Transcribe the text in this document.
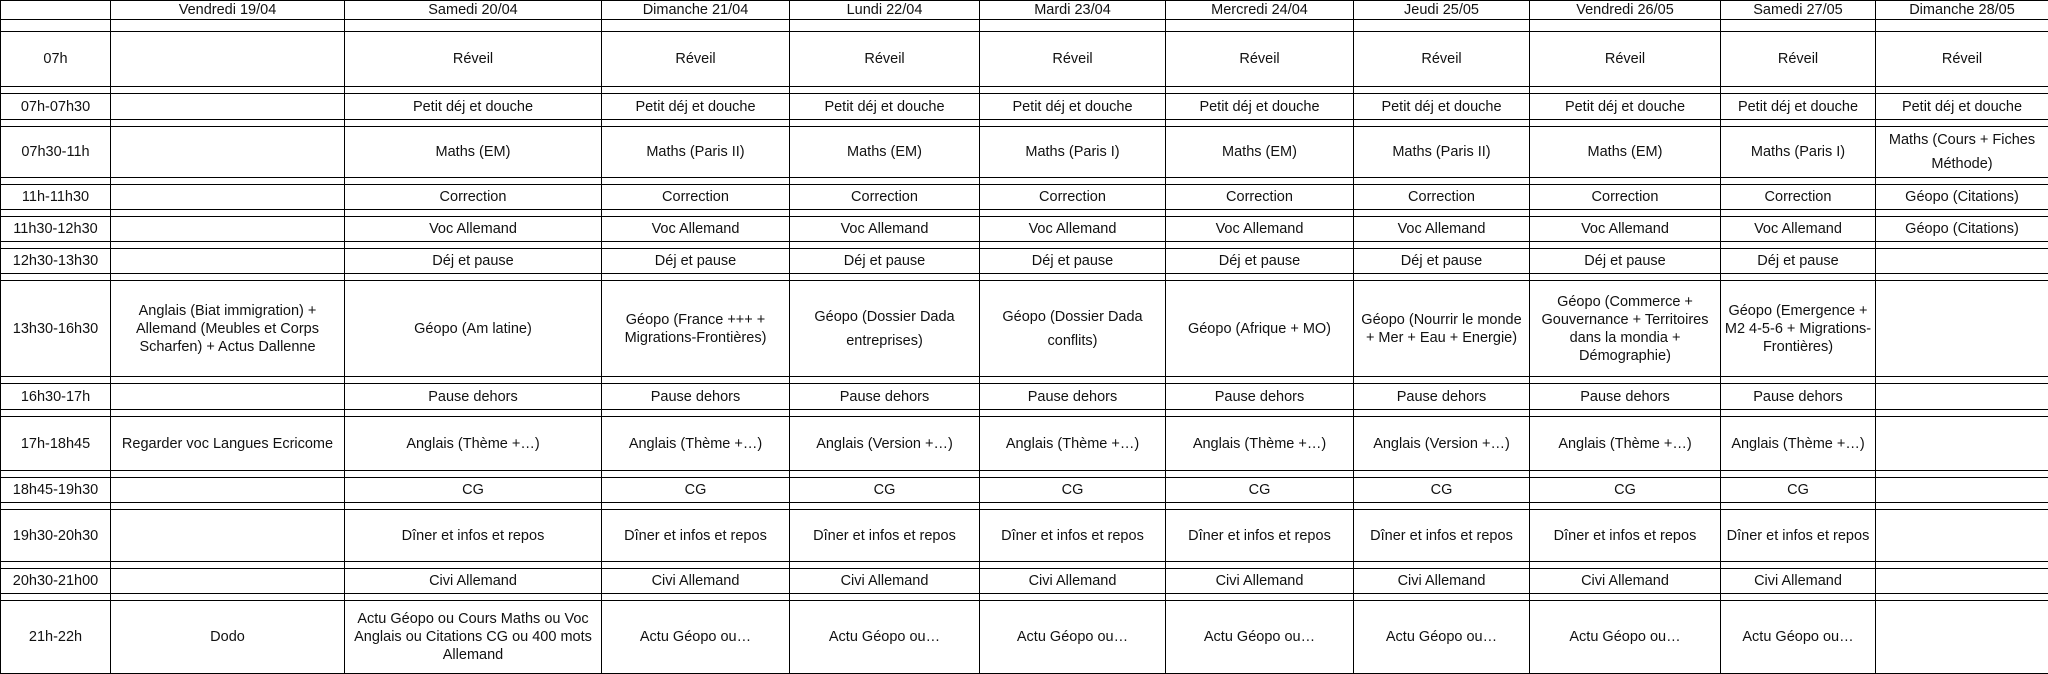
	Vendredi 19/04	Samedi 20/04	Dimanche 21/04	Lundi 22/04	Mardi 23/04	Mercredi 24/04	Jeudi 25/05	Vendredi 26/05	Samedi 27/05	Dimanche 28/05

07h		Réveil	Réveil	Réveil	Réveil	Réveil	Réveil	Réveil	Réveil	Réveil

07h-07h30		Petit déj et douche	Petit déj et douche	Petit déj et douche	Petit déj et douche	Petit déj et douche	Petit déj et douche	Petit déj et douche	Petit déj et douche	Petit déj et douche

07h30-11h		Maths (EM)	Maths (Paris II)	Maths (EM)	Maths (Paris I)	Maths (EM)	Maths (Paris II)	Maths (EM)	Maths (Paris I)	Maths (Cours + Fiches Méthode)

11h-11h30		Correction	Correction	Correction	Correction	Correction	Correction	Correction	Correction	Géopo (Citations)

11h30-12h30		Voc Allemand	Voc Allemand	Voc Allemand	Voc Allemand	Voc Allemand	Voc Allemand	Voc Allemand	Voc Allemand	Géopo (Citations)

12h30-13h30		Déj et pause	Déj et pause	Déj et pause	Déj et pause	Déj et pause	Déj et pause	Déj et pause	Déj et pause	

13h30-16h30	Anglais (Biat immigration) + Allemand (Meubles et Corps Scharfen) + Actus Dallenne	Géopo (Am latine)	Géopo (France +++ + Migrations-Frontières)	Géopo (Dossier Dada entreprises)	Géopo (Dossier Dada conflits)	Géopo (Afrique + MO)	Géopo (Nourrir le monde + Mer + Eau + Energie)	Géopo (Commerce + Gouvernance + Territoires dans la mondia + Démographie)	Géopo (Emergence + M2 4-5-6 + Migrations-Frontières)	

16h30-17h		Pause dehors	Pause dehors	Pause dehors	Pause dehors	Pause dehors	Pause dehors	Pause dehors	Pause dehors	

17h-18h45	Regarder voc Langues Ecricome	Anglais (Thème +…)	Anglais (Thème +…)	Anglais (Version +…)	Anglais (Thème +…)	Anglais (Thème +…)	Anglais (Version +…)	Anglais (Thème +…)	Anglais (Thème +…)	

18h45-19h30		CG	CG	CG	CG	CG	CG	CG	CG	

19h30-20h30		Dîner et infos et repos	Dîner et infos et repos	Dîner et infos et repos	Dîner et infos et repos	Dîner et infos et repos	Dîner et infos et repos	Dîner et infos et repos	Dîner et infos et repos	

20h30-21h00		Civi Allemand	Civi Allemand	Civi Allemand	Civi Allemand	Civi Allemand	Civi Allemand	Civi Allemand	Civi Allemand	

21h-22h	Dodo	Actu Géopo ou Cours Maths ou Voc Anglais ou Citations CG ou 400 mots Allemand	Actu Géopo ou…	Actu Géopo ou…	Actu Géopo ou…	Actu Géopo ou…	Actu Géopo ou…	Actu Géopo ou…	Actu Géopo ou…	
